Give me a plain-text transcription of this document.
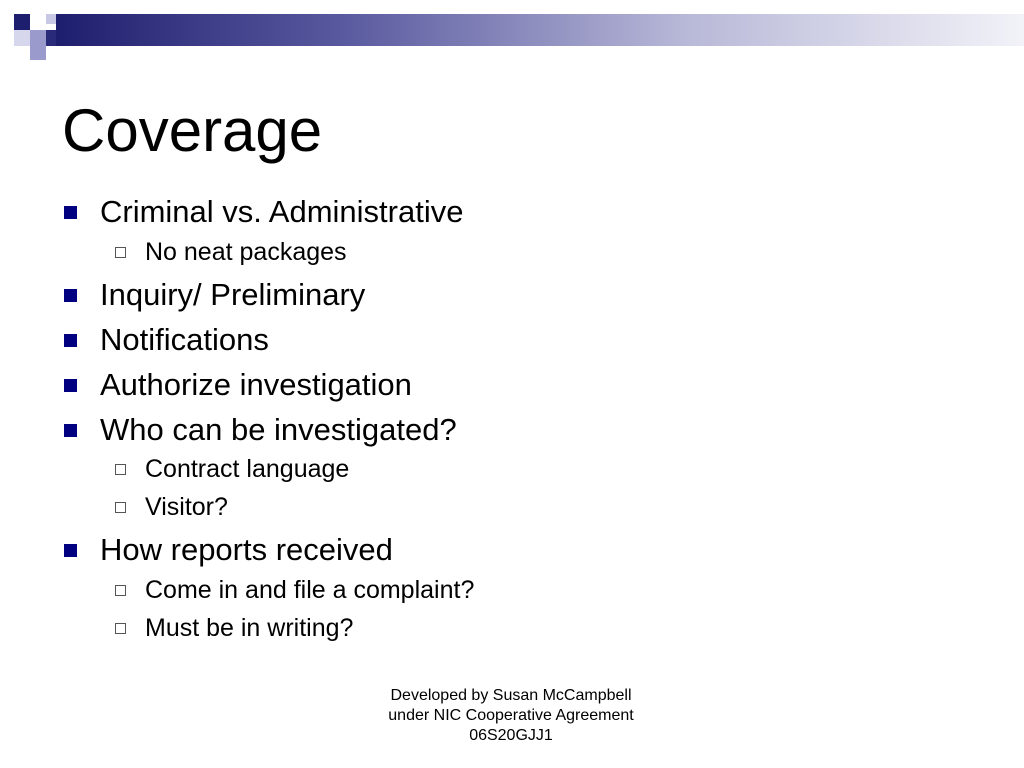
Coverage
Criminal vs. Administrative
No neat packages
Inquiry/ Preliminary
Notifications
Authorize investigation
Who can be investigated?
Contract language
Visitor?
How reports received
Come in and file a complaint?
Must be in writing?
Developed by Susan McCampbell
under NIC Cooperative Agreement
06S20GJJ1
